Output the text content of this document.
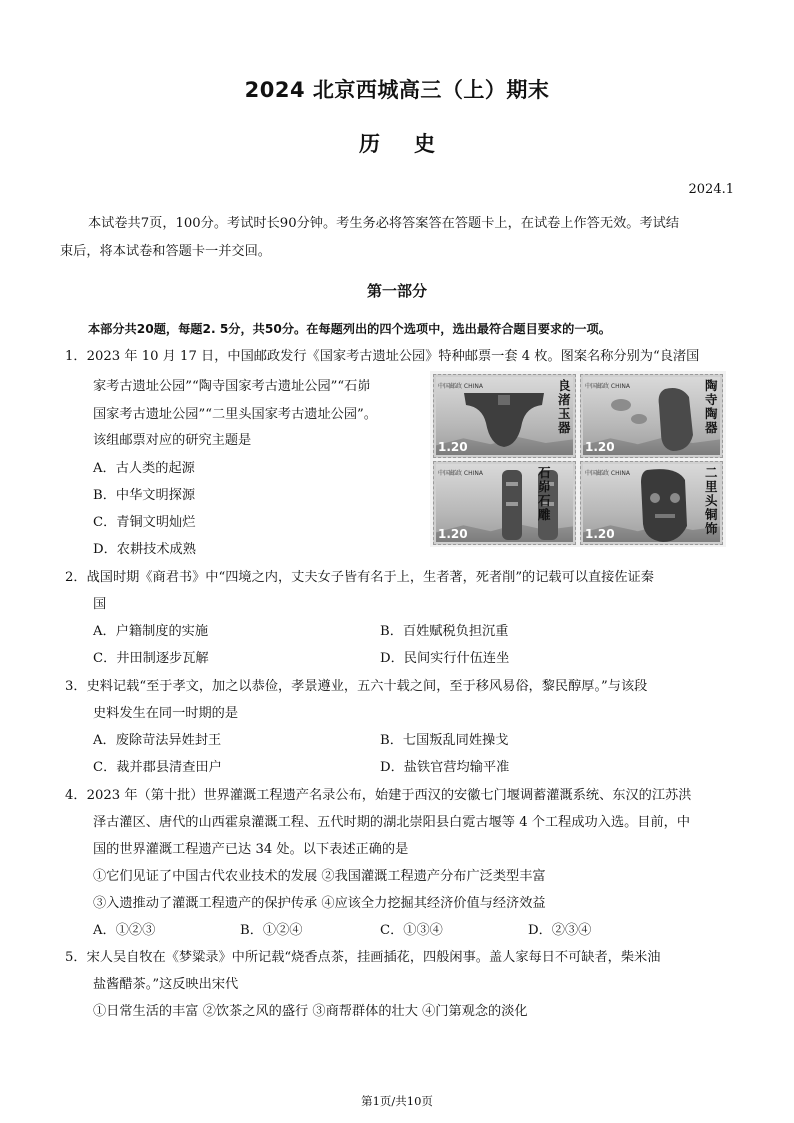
2024 北京西城高三（上）期末
历史
2024.1
本试卷共7页，100分。考试时长90分钟。考生务必将答案答在答题卡上，在试卷上作答无效。考试结
束后，将本试卷和答题卡一并交回。
第一部分
本部分共20题，每题2. 5分，共50分。在每题列出的四个选项中，选出最符合题目要求的一项。
1．2023 年 10 月 17 日，中国邮政发行《国家考古遗址公园》特种邮票一套 4 枚。图案名称分别为“良渚国
家考古遗址公园”“陶寺国家考古遗址公园”“石峁
国家考古遗址公园”“二里头国家考古遗址公园”。
该组邮票对应的研究主题是
A．古人类的起源
B．中华文明探源
C．青铜文明灿烂
D．农耕技术成熟
中国邮政 CHINA
1.20
良渚玉器
中国邮政 CHINA
1.20
陶寺陶器
中国邮政 CHINA
1.20
石峁石雕
中国邮政 CHINA
1.20
二里头铜饰
2．战国时期《商君书》中“四境之内，丈夫女子皆有名于上，生者著，死者削”的记载可以直接佐证秦
国
A．户籍制度的实施	B．百姓赋税负担沉重
C．井田制逐步瓦解	D．民间实行什伍连坐
3．史料记载“至于孝文，加之以恭俭，孝景遵业，五六十载之间，至于移风易俗，黎民醇厚。”与该段
史料发生在同一时期的是
A．废除苛法异姓封王	B．七国叛乱同姓操戈
C．裁并郡县清查田户	D．盐铁官营均输平准
4．2023 年（第十批）世界灌溉工程遗产名录公布，始建于西汉的安徽七门堰调蓄灌溉系统、东汉的江苏洪
泽古灌区、唐代的山西霍泉灌溉工程、五代时期的湖北崇阳县白霓古堰等 4 个工程成功入选。目前，中
国的世界灌溉工程遗产已达 34 处。以下表述正确的是
①它们见证了中国古代农业技术的发展 ②我国灌溉工程遗产分布广泛类型丰富
③入遗推动了灌溉工程遗产的保护传承 ④应该全力挖掘其经济价值与经济效益
A．①②③	B．①②④	C．①③④	D．②③④
5．宋人吴自牧在《梦粱录》中所记载“烧香点茶，挂画插花，四般闲事。盖人家每日不可缺者，柴米油
盐酱醋茶。”这反映出宋代
①日常生活的丰富 ②饮茶之风的盛行 ③商帮群体的壮大 ④门第观念的淡化
第1页/共10页
